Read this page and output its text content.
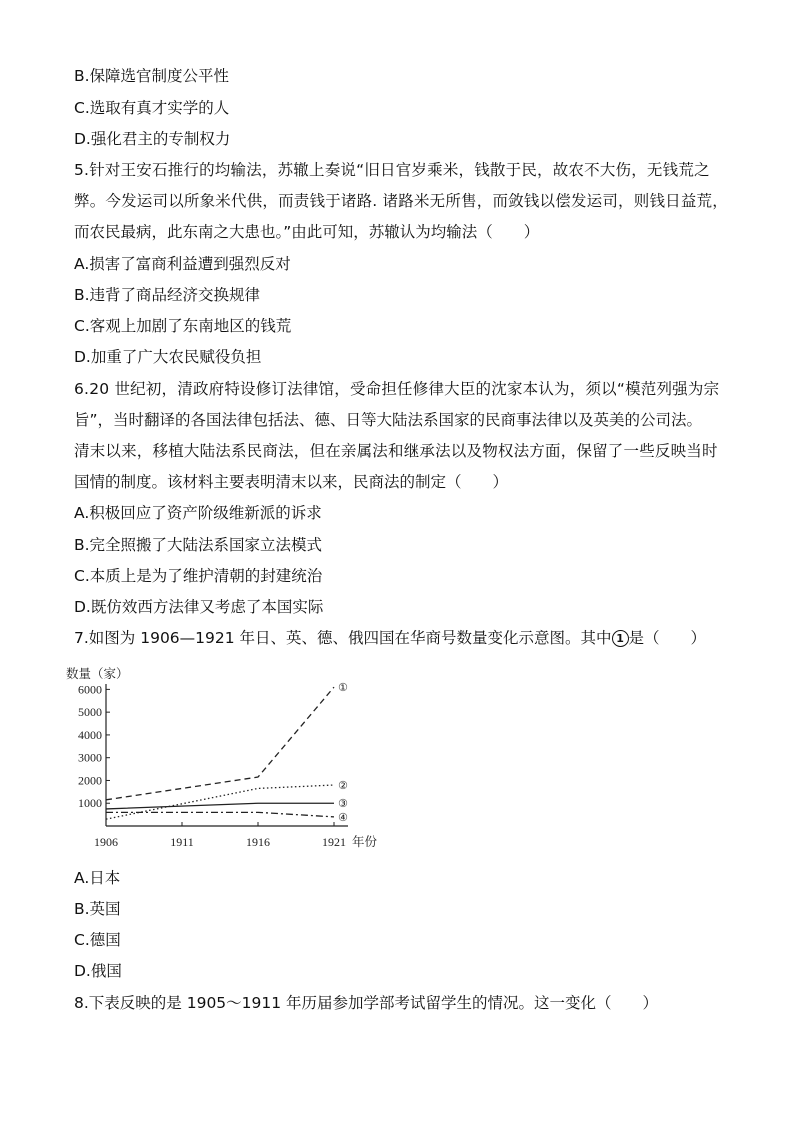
B.保障选官制度公平性
C.选取有真才实学的人
D.强化君主的专制权力
5.针对王安石推行的均输法，苏辙上奏说“旧日官岁乘米，钱散于民，故农不大伤，无钱荒之
弊。今发运司以所象米代供，而责钱于诸路. 诸路米无所售，而敛钱以偿发运司，则钱日益荒，
而农民最病，此东南之大患也。”由此可知，苏辙认为均输法（　　）
A.损害了富商利益遭到强烈反对
B.违背了商品经济交换规律
C.客观上加剧了东南地区的钱荒
D.加重了广大农民赋役负担
6.20 世纪初，清政府特设修订法律馆，受命担任修律大臣的沈家本认为，须以“模范列强为宗
旨”，当时翻译的各国法律包括法、德、日等大陆法系国家的民商事法律以及英美的公司法。
清末以来，移植大陆法系民商法，但在亲属法和继承法以及物权法方面，保留了一些反映当时
国情的制度。该材料主要表明清末以来，民商法的制定（　　）
A.积极回应了资产阶级维新派的诉求
B.完全照搬了大陆法系国家立法模式
C.本质上是为了维护清朝的封建统治
D.既仿效西方法律又考虑了本国实际
7.如图为 1906—1921 年日、英、德、俄四国在华商号数量变化示意图。其中 1 是（　　）
数量（家）
1000
2000
3000
4000
5000
6000
1906	1911	1916	1921 年份
①
②
③
④
A.日本
B.英国
C.德国
D.俄国
8.下表反映的是 1905～1911 年历届参加学部考试留学生的情况。这一变化（　　）
